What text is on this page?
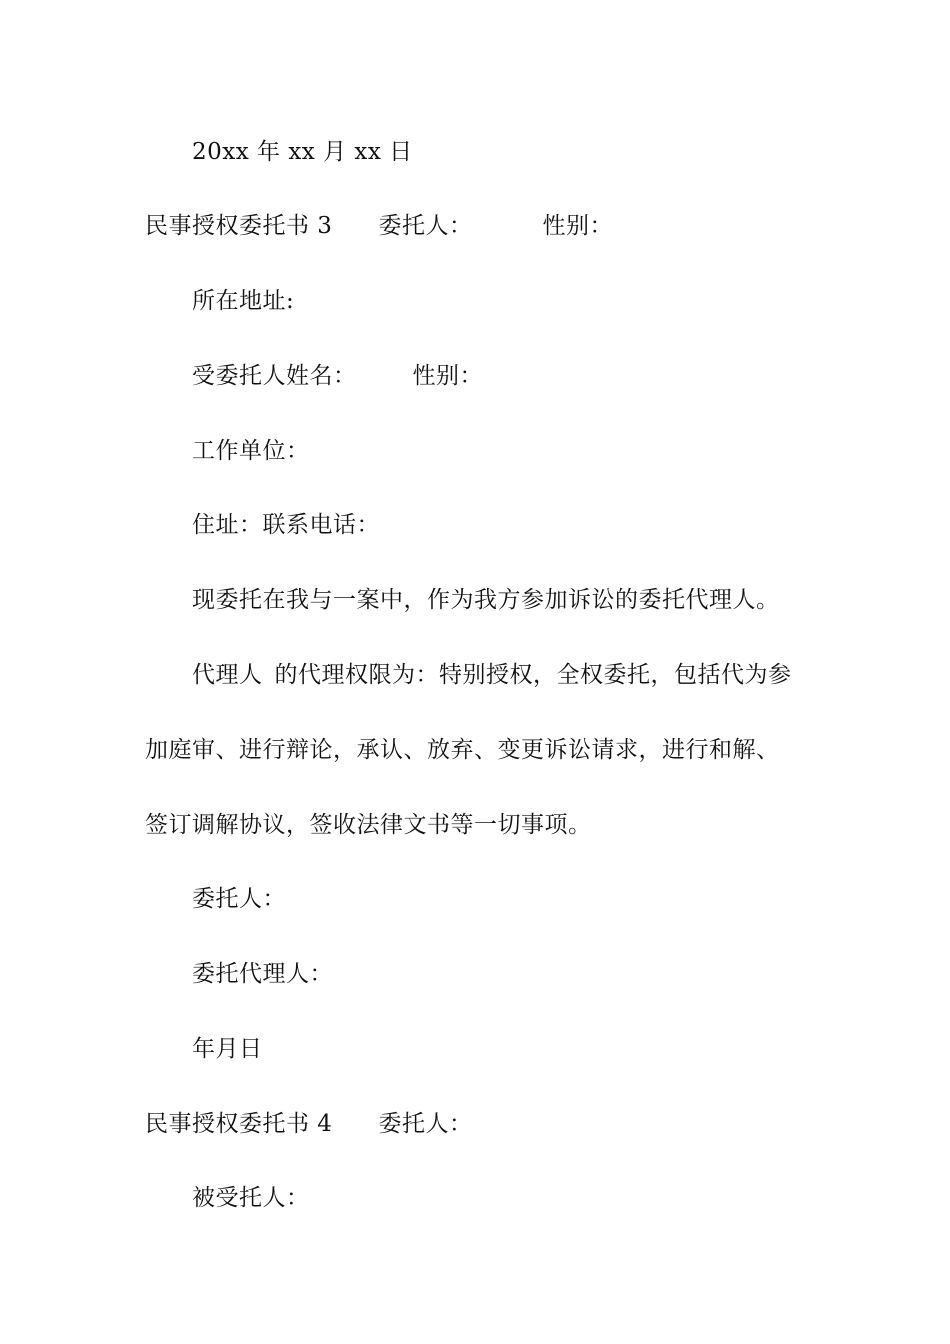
20xx 年 xx 月 xx 日
民事授权委托书 3 委托人：	性别：
所在地址:
受委托人姓名： 性别：
工作单位：
住址：联系电话：
现委托在我与一案中，作为我方参加诉讼的委托代理人。
代理人 的代理权限为：特别授权，全权委托，包括代为参
加庭审、进行辩论，承认、放弃、变更诉讼请求，进行和解、
签订调解协议，签收法律文书等一切事项。
委托人：
委托代理人：
年月日
民事授权委托书 4 委托人：
被受托人：
